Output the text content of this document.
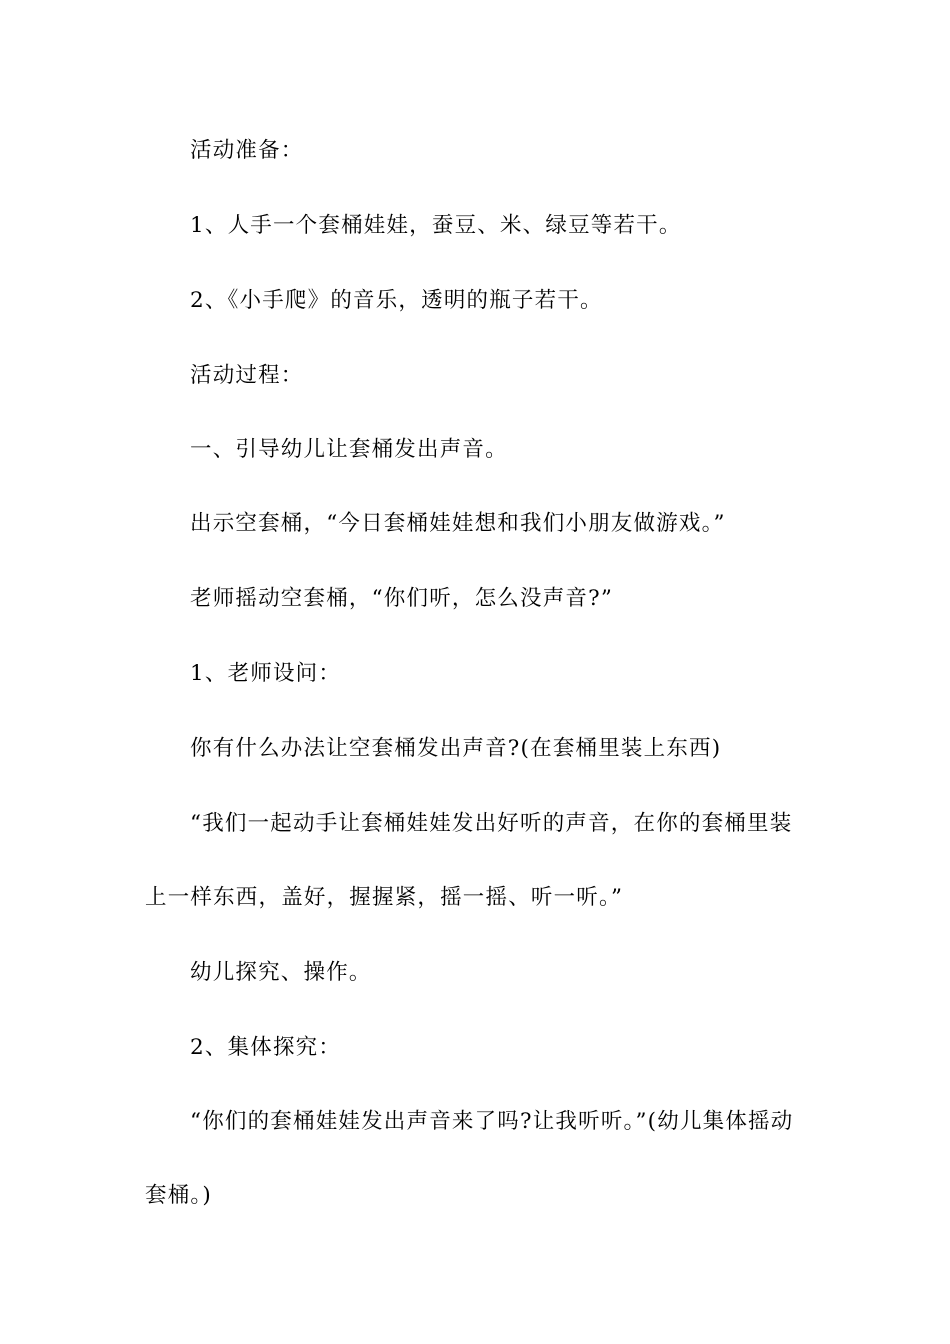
活动准备：
1、人手一个套桶娃娃，蚕豆、米、绿豆等若干。
2、《小手爬》的音乐，透明的瓶子若干。
活动过程：
一、引导幼儿让套桶发出声音。
出示空套桶，“今日套桶娃娃想和我们小朋友做游戏。”
老师摇动空套桶，“你们听，怎么没声音?”
1、老师设问：
你有什么办法让空套桶发出声音?(在套桶里装上东西)
“我们一起动手让套桶娃娃发出好听的声音，在你的套桶里装上一样东西，盖好，握握紧，摇一摇、听一听。”
幼儿探究、操作。
2、集体探究：
“你们的套桶娃娃发出声音来了吗?让我听听。”(幼儿集体摇动套桶。)
